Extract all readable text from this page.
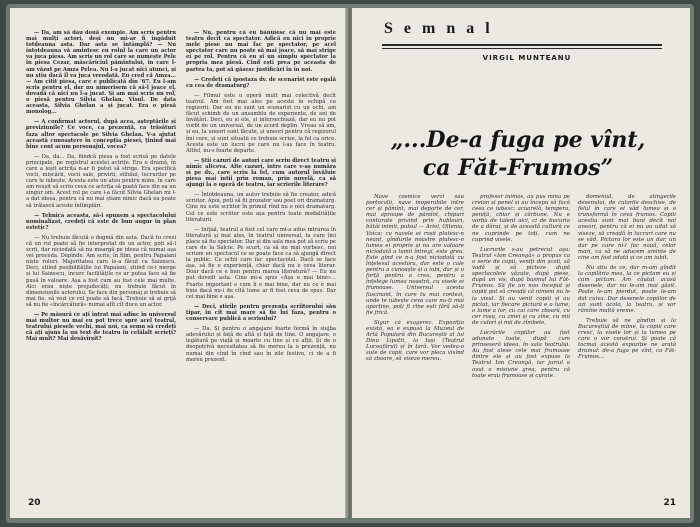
— Da, am să dau două exemple. Am scris pentru mai mulți actori, deși nu mi-ar fi îngăduit totdeauna asta. Dar asta se întâmplă? — Nu întotdeauna vă amintesc eu rolul la care un actor va juca piesa. Am scris un rol care se numește Pele în piesa Cezar, măscăriciul pămîntului, în care l-am văzut pe Amza Pelea. Nu l-a jucat nici atunci, și nu știu dacă îl va juca vreodată. Eu cred că Amza... — Am citit piesa, care e publicată din '67. Eu l-am scris pentru el, dar nu nimerisem că să-l joace el, dovadă că nici nu l-a jucat. Și am mai scris un rol, o piesă pentru Silvia Ghelan. Visul. De data aceasta, Silvia Ghelan a și jucat. Era o piesă monolog...

— A confirmat actorul, după acea, așteptările și previziunile? Ce voce, ca prezență, ca trăsături faza altor spectacole pe Silvia Ghelan. V-a ajutat această cunoaștere în concepția piesei, ținînd mai bine cont acum personajul, vocea?

— Da, da... Da, fiindcă piesa a fost scrisă pe datele principale, pe registrul acestei actrițe. Era o dramă, în care a ieșit actrița n-ar fi putut să strige. Era specifică vocii, mișcării, vocii sale, privirii, stilului, lucrurilor pe care le iubește. Acesta este un atuu pentru mine, în care am reușit să scriu ceva ce actrița să poată face din ea un singur om. Acest rol pe care l-a făcut Silvia Ghelan mi l-a dat ideea, pentru că nu mai știam nimic dacă ea poate să trăiască aceste întîmplări.

— Tehnica aceasta, să-i spunem a spectacolului nominalizat, credeți că este de bun augur în plan estetic?

— Nu trebuie făcută o dogmă din asta. Dacă tu crezi că un rol poate să fie interpretat de un actor, poți să-l scrii, dar niciodată să nu meargă pe ideea că numai așa vei proceda. Depinde. Am scris, în film, pentru Papaiani niște roluri. Majoritatea care le-a făcut ca Saizescu. Deci, știind posibilitățile lui Papaiani, știind ce-i merge și lui Saizescu, încerc facilitățile ce ar putea face să fie pusă în valoare. Așa a fost cum au fost cele mai multe. Aici erau niște prejudecăți; nu trebuie făcut în dimensiunile actorului. Se face din personaj și trebuie să mai fie, să vezi ce rol poate să facă. Trebuie să ai grijă să nu fie «încărcătură» numai atît cît duce un actor.

— Pe măsură ce ați intrat mai adînc în universul mai multor nu mai eu pot trece spre acel teatral, teatrului piesele vechi, mai noi, ca semn să credeți că ați ajuns la un text de teatru în celălalt scrieți? Mai mult? Mai desăvîrșit?

— Nu, pentru că eu bănuiesc că nu mai este teatru decît ca spectator. Adică eu nici în proprie mele piese nu mai fac pe spectator, pe acel spectator care nu poate să mai joace, să mai strige ei pe rol. Pentru că eu și un simplu spectator la propria mea piesă. Cînd ești prea pe aceasta de partea ta, pot să găsesc justificări în în noi.

— Credeți că ipostaza dv. de scenarist este egală cu cea de dramaturg?

— Filmul este o operă mult mai colectivă decît teatrul. Am fost mai ales pe aceste în echipă cu regizorii. Dar eu nu sunt un scenarist cu un ochi, am făcut schimb de un ansamblu de experiențe, de ani de învățări. Deci, eu și ele, și intersectează, dar eu nu pot vorbi de un universal, de un acord deplin. Vreau să am, și eu, la uneori sunt făcute, și uneori pentru că regizorul îmi cere, și sunt situații ce trebuie scrise, la fel ca orice. Acesta este un lucru pe care nu l-aș face în teatru. Altfel, nu-s foarte departe.

— Știi cazuri de autori care scriu direct teatru și nimic altceva. Alte cazuri, între care v-aș număra și pe dv., care scriu la fel, cum autorul învăluie piesa mai întîi prin roman, prin nuvelă, ca să ajungi la o operă de teatru, iar scrierile literare?

— Întotdeauna, un autor trebuie să fie creator, adică scriitor. Apoi, poți să fii prozator sau poet ori dramaturg. Cine nu este scriitor în primul rînd nu e nici dramaturg. Cel ce este scriitor este așa pentru toate modalitățile literaturii.

— Inițial, teatrul a fost cel care mi-a adus intrarea în literatură și mai ales, în teatrul universal, la care îmi place să fiu spectator. Dar și din sala mea pot să scriu pe care de la Salcie. Pe scurt, ca să nu mai vorbesc, noi scriem un spectacol ce se poate face ca să ajungă direct la public. Cu ochii care fac spectacolul. Dacă se face așa, să fie o experiență, chiar dacă nu e ceva literar. Doar dacă ce e bun pentru marea literatură? — Eu nu pot dovedi asta. Cine mi-a spus «Așa e mai bine»... Foarte important e cum îi e mai bine, dar nu ce e mai bine dacă nu-i de cîtă lume ar fi fost ceva de spus. Dar cel mai bine e așa.

— Deci, știrile pentru prezența scriitorului său tipar, în cît mai mare să fie lui faza, pentru o conservare publică a scrisului?

— Da. Și pentru o angajare foarte fermă în slujba adevărului și față de altă și față de tine. O angajare, o legătură pe viață și moarte cu tine și cu alții. Și de o deopotrivă necesitatea să fie mereu la o prezență, nu numai din cînd în cînd sau în zile festive, ci de a fi mereu prezent.

20
Semnal
VIRGIL MUNTEANU
„...De-a fuga pe vînt,
ca Făt-Frumos”

Nave cosmice verzi sau portocalii, nave inoperabile intre cer și pămînt, mai departe de cer, mai aproape de pămînt, chipuri conturate privind prin hublouri, bătăi inimii, pulsul — Ariel, Oltenia, Voica; cu navele ei roșii plutesc-n neant, gîndurile noastre plutesc-n lumea ei proprie și nu are valoare niciodată a lumii întregi, este greu. Este gînd ce n-a fost niciodată cu înțelesul acestora, dar este o cale pentru a cunoaște și a iubi, dar și o forță pentru a crea, pentru a înțelege lumea noastră, cu visele ei frumoase. Universul acesta fascinant, în care tu mai contezi, unde te iubește ceva care nu-ți mai aparține, poți fi cine ești fără să-ți fie frică.

Sigur că exagerez. Expoziția există, ea e expusă la Muzeul de Artă Populară din Bucureștii al lui Dinu Lipatti, la Iași (Teatrul Luceafărul) și în țară. Vor vedea-o sute de copii, care vor pleca visînd să zboare, să viseze mereu.

profesor inimos, au pus mîna pe creion și penel și au începu să facă ceea ce iubesc: acuarelă, tempera, peniță, chiar și cărbune. Nu e vorba de talent aici, ci de bucuria de a dărui, și de această cultură ce ne cuprinde pe toți, cum ne cuprind visele.

Lucrurile s-au petrecut așa: Teatrul «Ion Creangă» a propus ca o serie de copii, veniți din școli, să vadă și să picteze după spectacolele văzute, după piese, după un vis, după basmul lui Făt-Frumos. Să fie un nou început și copiii pot să creadă că nimeni nu le ia visul. Și au venit copiii și au pictat, iar fiecare pictură e o lume, o lume a lor, cu cai care zboară, cu cer roșu, cu zmei și cu zîne, cu mii de culori și mii de zîmbete.

Lucrările copiilor au fost adunate toate, după cum prinseseră ideea, în sala teatrului. Au fost alese cele mai frumoase dintre ele și au fost expuse la Teatrul Ion Creangă, iar juriul a avut o misiune grea, pentru că toate erau frumoase și curate.

domeniul, de atingerile desenului, de culorile deschise, de felul în care ei văd lumea și o transformă în ceva frumos. Copiii acestia sunt mai buni decît noi uneori, pentru că ei nu au uitat să viseze, să creadă în lucruri care nu se văd. Pictura lor este un dar, un dar pe care ni-l fac nouă, celor mari, ca să ne aducem aminte de cine am fost odată și ce am iubit.

Nu știu de ce, dar m-am gîndit la copilăria mea, la ce pictam eu și cum pictam. Am căutat acasă desenele, dar nu le-am mai găsit. Poate le-am pierdut, poate le-am dat cuiva. Dar desenele copiilor de azi sunt acolo, la teatru, și vor rămîne multă vreme.

Trebuie să ne gîndim și la Bucureștiul de mîine, la copiii care cresc, la visele lor și la lumea pe care o vor construi. Și poate că tocmai acestă expoziție ne arată drumul: de-a fuga pe vînt, ca Făt-Frumos...

21
